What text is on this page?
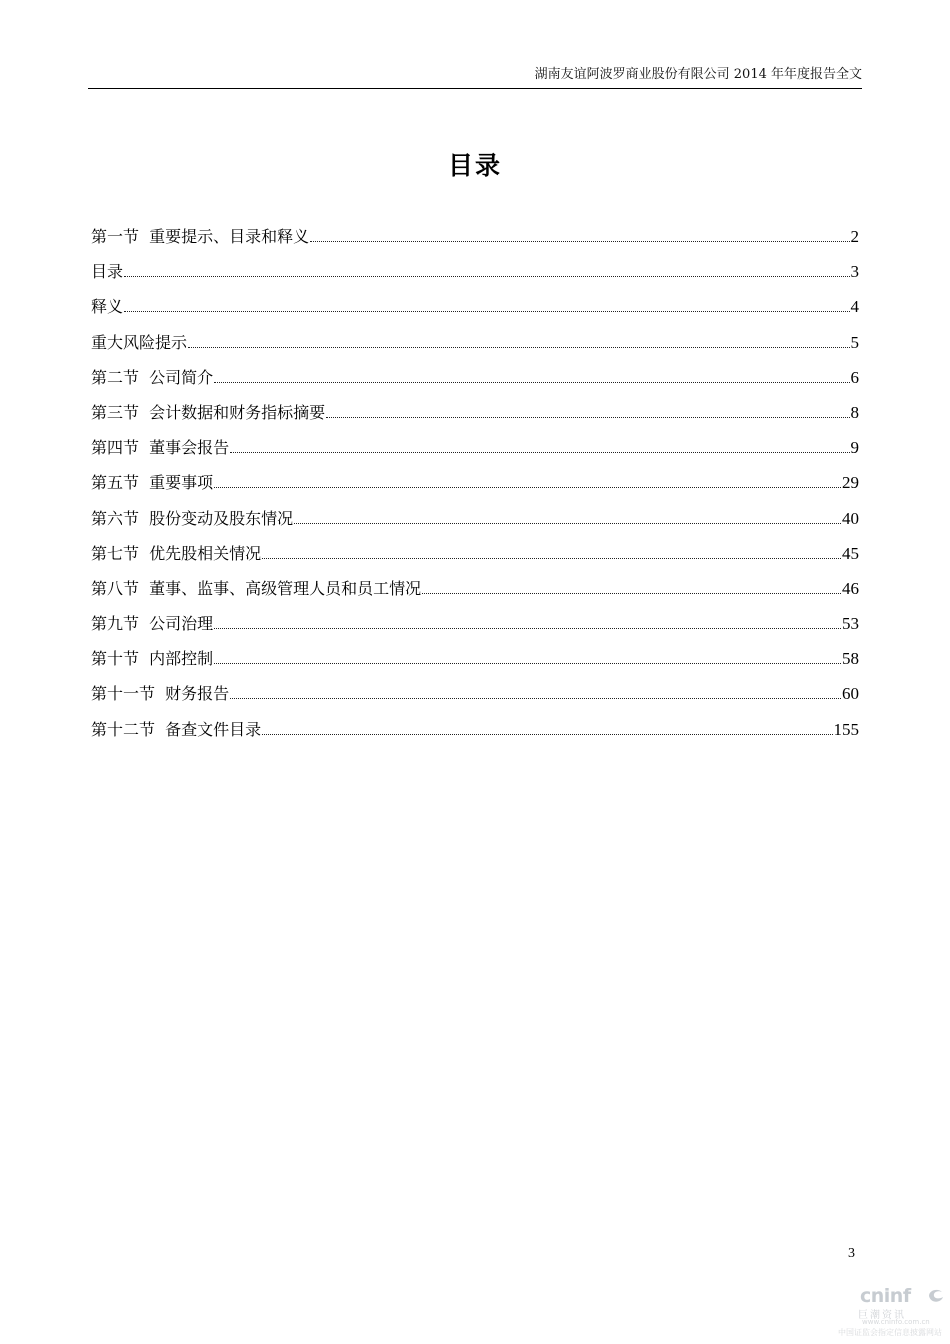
湖南友谊阿波罗商业股份有限公司 2014 年年度报告全文
目录
第一节  重要提示、目录和释义	2
目录	3
释义	4
重大风险提示	5
第二节  公司简介	6
第三节  会计数据和财务指标摘要	8
第四节  董事会报告	9
第五节  重要事项	29
第六节  股份变动及股东情况	40
第七节  优先股相关情况	45
第八节  董事、监事、高级管理人员和员工情况	46
第九节  公司治理	53
第十节  内部控制	58
第十一节  财务报告	60
第十二节  备查文件目录	155
3
cninf
巨潮资讯
www.cninfo.com.cn
中国证监会指定信息披露网站
